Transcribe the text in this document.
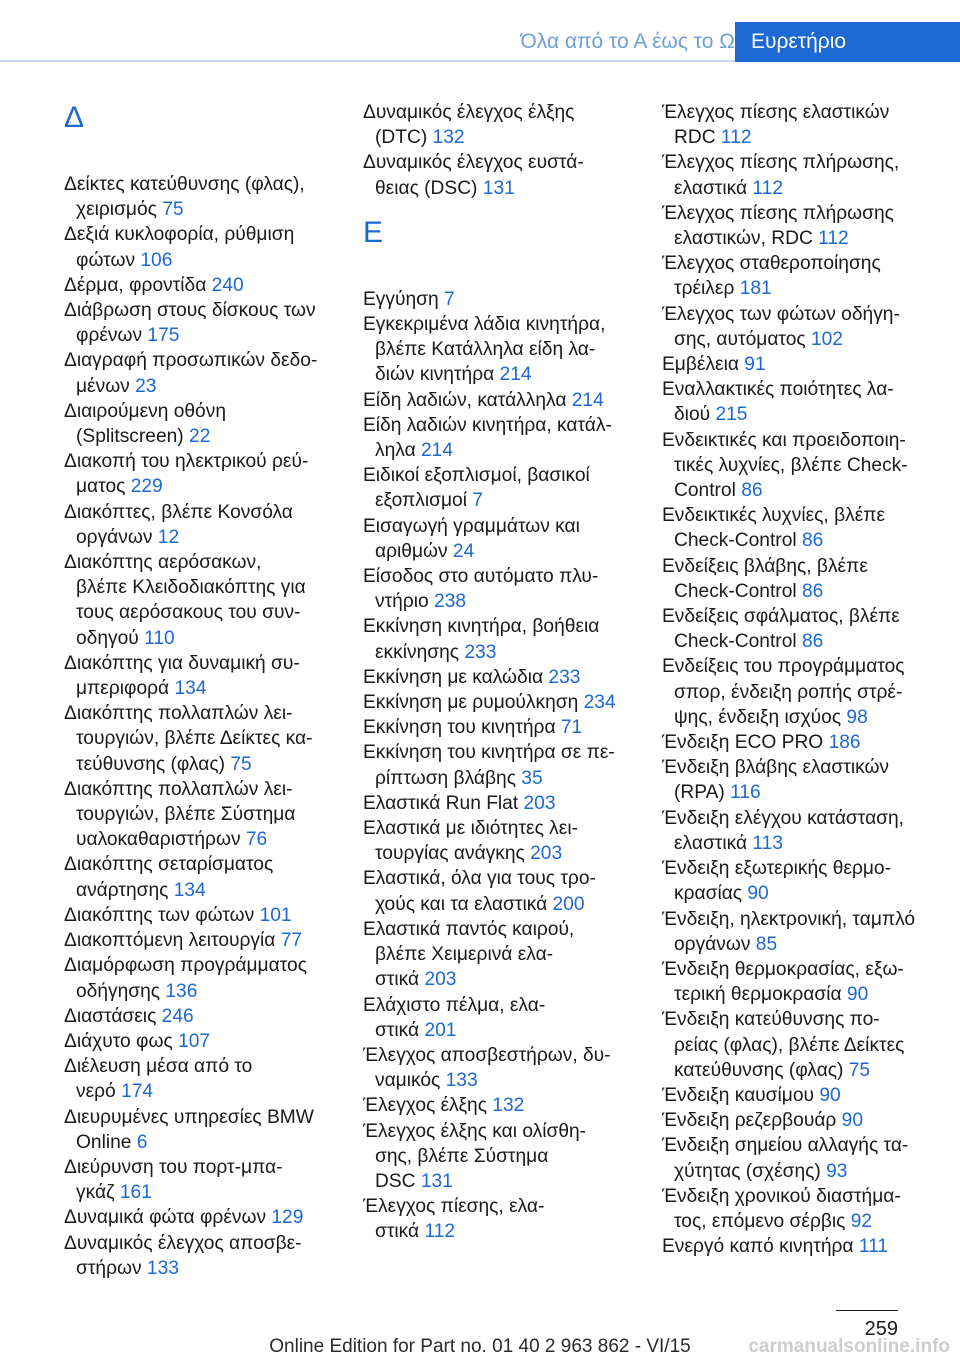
Όλα από το Α έως το Ω Ευρετήριο
Δ

Δείκτες κατεύθυνσης (φλας),
χειρισμός 75

Δεξιά κυκλοφορία, ρύθμιση
φώτων 106

Δέρμα, φροντίδα 240

Διάβρωση στους δίσκους των
φρένων 175

Διαγραφή προσωπικών δεδο‐
μένων 23

Διαιρούμενη οθόνη
(Splitscreen) 22

Διακοπή του ηλεκτρικού ρεύ‐
ματος 229

Διακόπτες, βλέπε Κονσόλα
οργάνων 12

Διακόπτης αερόσακων,
βλέπε Κλειδοδιακόπτης για
τους αερόσακους του συν‐
οδηγού 110

Διακόπτης για δυναμική συ‐
μπεριφορά 134

Διακόπτης πολλαπλών λει‐
τουργιών, βλέπε Δείκτες κα‐
τεύθυνσης (φλας) 75

Διακόπτης πολλαπλών λει‐
τουργιών, βλέπε Σύστημα
υαλοκαθαριστήρων 76

Διακόπτης σεταρίσματος
ανάρτησης 134

Διακόπτης των φώτων 101

Διακοπτόμενη λειτουργία 77

Διαμόρφωση προγράμματος
οδήγησης 136

Διαστάσεις 246

Διάχυτο φως 107

Διέλευση μέσα από το
νερό 174

Διευρυμένες υπηρεσίες BMW
Online 6

Διεύρυνση του πορτ-μπα‐
γκάζ 161

Δυναμικά φώτα φρένων 129

Δυναμικός έλεγχος αποσβε‐
στήρων 133

Δυναμικός έλεγχος έλξης
(DTC) 132

Δυναμικός έλεγχος ευστά‐
θειας (DSC) 131

Ε

Εγγύηση 7

Εγκεκριμένα λάδια κινητήρα,
βλέπε Κατάλληλα είδη λα‐
διών κινητήρα 214

Είδη λαδιών, κατάλληλα 214

Είδη λαδιών κινητήρα, κατάλ‐
ληλα 214

Ειδικοί εξοπλισμοί, βασικοί
εξοπλισμοί 7

Εισαγωγή γραμμάτων και
αριθμών 24

Είσοδος στο αυτόματο πλυ‐
ντήριο 238

Εκκίνηση κινητήρα, βοήθεια
εκκίνησης 233

Εκκίνηση με καλώδια 233

Εκκίνηση με ρυμούλκηση 234

Εκκίνηση του κινητήρα 71

Εκκίνηση του κινητήρα σε πε‐
ρίπτωση βλάβης 35

Ελαστικά Run Flat 203

Ελαστικά με ιδιότητες λει‐
τουργίας ανάγκης 203

Ελαστικά, όλα για τους τρο‐
χούς και τα ελαστικά 200

Ελαστικά παντός καιρού,
βλέπε Χειμερινά ελα‐
στικά 203

Ελάχιστο πέλμα, ελα‐
στικά 201

Έλεγχος αποσβεστήρων, δυ‐
ναμικός 133

Έλεγχος έλξης 132

Έλεγχος έλξης και ολίσθη‐
σης, βλέπε Σύστημα
DSC 131

Έλεγχος πίεσης, ελα‐
στικά 112

Έλεγχος πίεσης ελαστικών
RDC 112

Έλεγχος πίεσης πλήρωσης,
ελαστικά 112

Έλεγχος πίεσης πλήρωσης
ελαστικών, RDC 112

Έλεγχος σταθεροποίησης
τρέιλερ 181

Έλεγχος των φώτων οδήγη‐
σης, αυτόματος 102

Εμβέλεια 91

Εναλλακτικές ποιότητες λα‐
διού 215

Ενδεικτικές και προειδοποιη‐
τικές λυχνίες, βλέπε Check-
Control 86

Ενδεικτικές λυχνίες, βλέπε
Check-Control 86

Ενδείξεις βλάβης, βλέπε
Check-Control 86

Ενδείξεις σφάλματος, βλέπε
Check-Control 86

Ενδείξεις του προγράμματος
σπορ, ένδειξη ροπής στρέ‐
ψης, ένδειξη ισχύος 98

Ένδειξη ECO PRO 186

Ένδειξη βλάβης ελαστικών
(RPA) 116

Ένδειξη ελέγχου κατάσταση,
ελαστικά 113

Ένδειξη εξωτερικής θερμο‐
κρασίας 90

Ένδειξη, ηλεκτρονική, ταμπλό
οργάνων 85

Ένδειξη θερμοκρασίας, εξω‐
τερική θερμοκρασία 90

Ένδειξη κατεύθυνσης πο‐
ρείας (φλας), βλέπε Δείκτες
κατεύθυνσης (φλας) 75

Ένδειξη καυσίμου 90

Ένδειξη ρεζερβουάρ 90

Ένδειξη σημείου αλλαγής τα‐
χύτητας (σχέσης) 93

Ένδειξη χρονικού διαστήμα‐
τος, επόμενο σέρβις 92

Ενεργό καπό κινητήρα 111

259
Online Edition for Part no. 01 40 2 963 862 - VI/15	carmanualsonline.info
